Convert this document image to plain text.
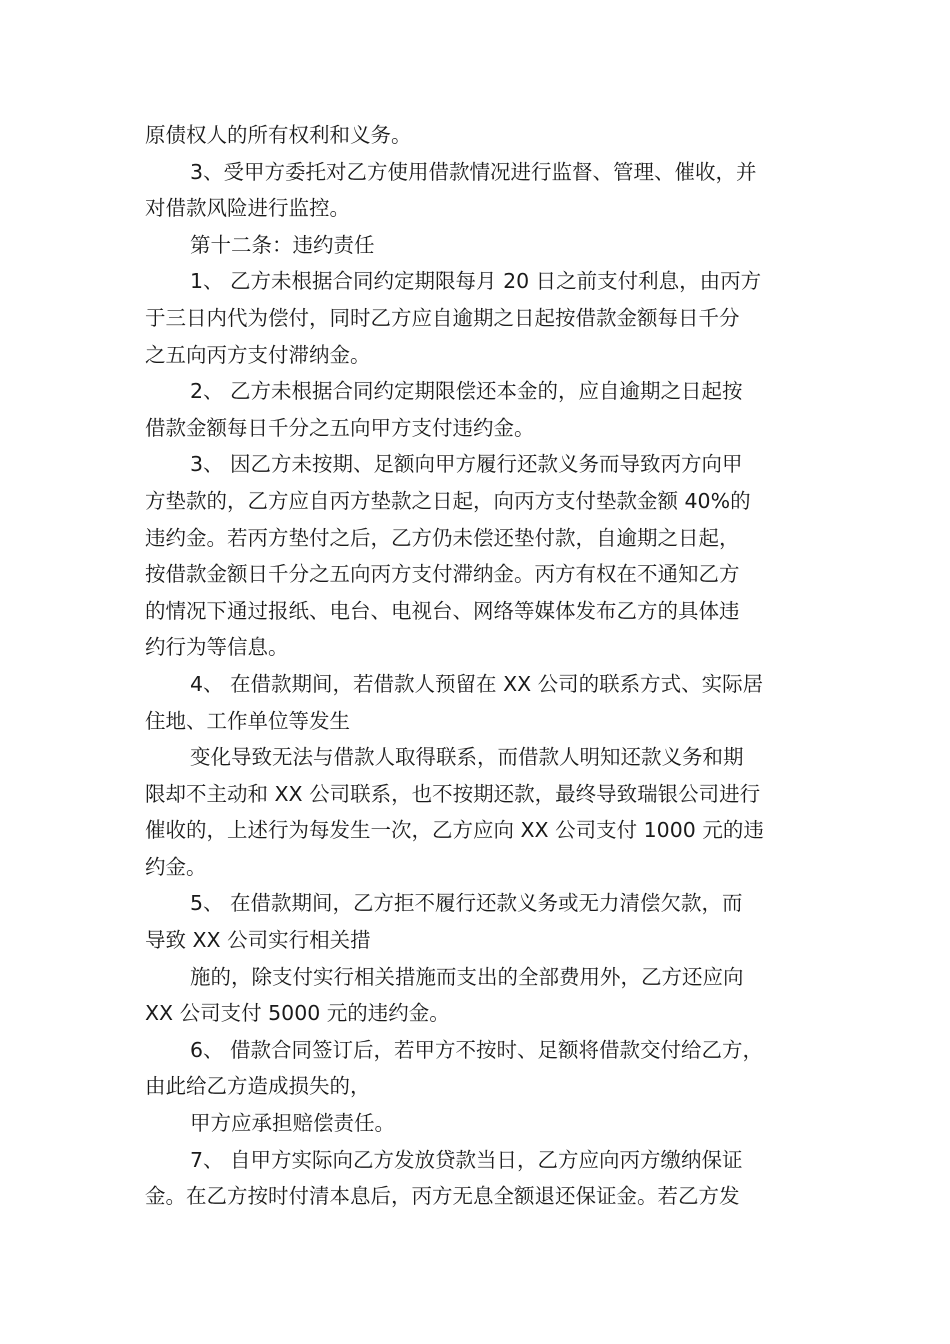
原债权人的所有权利和义务。
3、受甲方委托对乙方使用借款情况进行监督、管理、催收，并
对借款风险进行监控。
第十二条：违约责任
1、 乙方未根据合同约定期限每月 20 日之前支付利息，由丙方
于三日内代为偿付，同时乙方应自逾期之日起按借款金额每日千分
之五向丙方支付滞纳金。
2、 乙方未根据合同约定期限偿还本金的，应自逾期之日起按
借款金额每日千分之五向甲方支付违约金。
3、 因乙方未按期、足额向甲方履行还款义务而导致丙方向甲
方垫款的，乙方应自丙方垫款之日起，向丙方支付垫款金额 40%的
违约金。若丙方垫付之后，乙方仍未偿还垫付款，自逾期之日起，
按借款金额日千分之五向丙方支付滞纳金。丙方有权在不通知乙方
的情况下通过报纸、电台、电视台、网络等媒体发布乙方的具体违
约行为等信息。
4、 在借款期间，若借款人预留在 XX 公司的联系方式、实际居
住地、工作单位等发生
变化导致无法与借款人取得联系，而借款人明知还款义务和期
限却不主动和 XX 公司联系，也不按期还款，最终导致瑞银公司进行
催收的，上述行为每发生一次，乙方应向 XX 公司支付 1000 元的违
约金。
5、 在借款期间，乙方拒不履行还款义务或无力清偿欠款，而
导致 XX 公司实行相关措
施的，除支付实行相关措施而支出的全部费用外，乙方还应向
XX 公司支付 5000 元的违约金。
6、 借款合同签订后，若甲方不按时、足额将借款交付给乙方，
由此给乙方造成损失的，
甲方应承担赔偿责任。
7、 自甲方实际向乙方发放贷款当日，乙方应向丙方缴纳保证
金。在乙方按时付清本息后，丙方无息全额退还保证金。若乙方发
